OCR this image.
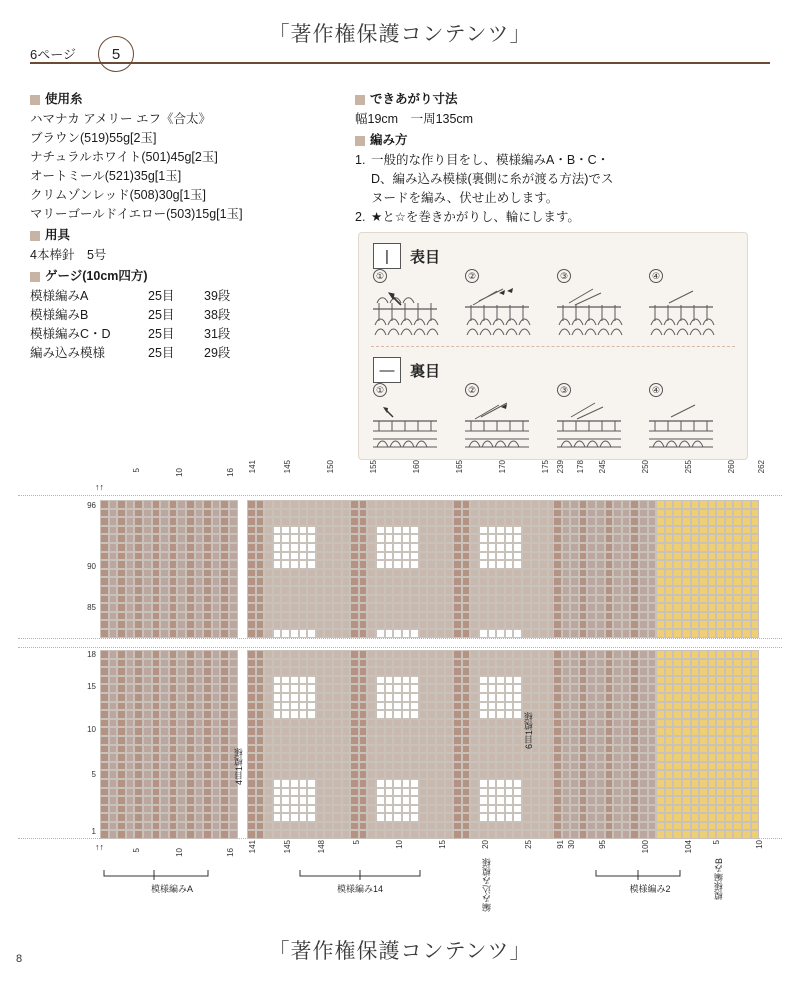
「著作権保護コンテンツ」
6ページ	5
使用糸
ハマナカ アメリー エフ《合太》
ブラウン(519)55g[2玉]
ナチュラルホワイト(501)45g[2玉]
オートミール(521)35g[1玉]
クリムゾンレッド(508)30g[1玉]
マリーゴールドイエロー(503)15g[1玉]
用具
4本棒針　5号
ゲージ(10cm四方)
模様編みA	25目	39段
模様編みB	25目	38段
模様編みC・D	25目	31段
編み込み模様	25目	29段
できあがり寸法
幅19cm　一周135cm
編み方
1. 一般的な作り目をし、模様編みA・B・C・D、編み込み模様(裏側に糸が渡る方法)でスヌードを編み、伏せ止めします。
2. ★と☆を巻きかがりし、輪にします。
|	表目
①	②	③	④
—	裏目
①	②	③	④
↑↑
↑↑
96
90
85
18
15
10
5
1
5	10	16 141	145	150	155	160	165	170	175	178
239	245	250	255	260	262
5	10	16 141	145	148	5	10	15	20	25	30
91	95	100	104 5	10
4目1模様
6目1模様
模様編みA	模様編み14	編み込み模様	模様編み2	模様編みB
「著作権保護コンテンツ」
8
